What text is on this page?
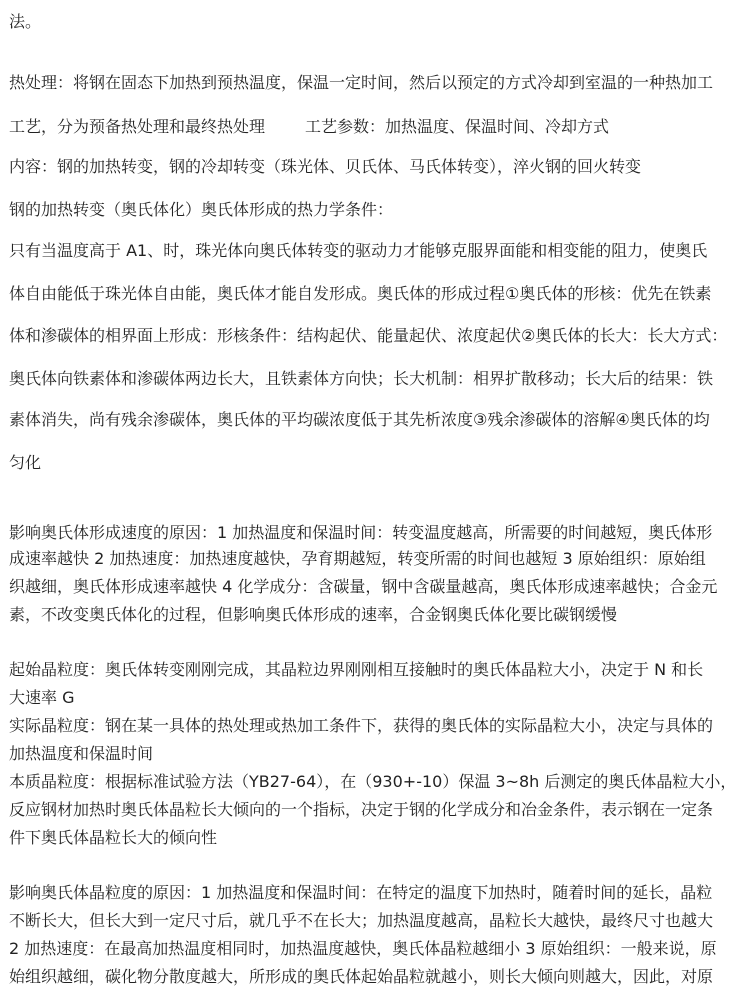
法。

热处理：将钢在固态下加热到预热温度，保温一定时间，然后以预定的方式冷却到室温的一种热加工

工艺，分为预备热处理和最终热处理	工艺参数：加热温度、保温时间、冷却方式

内容：钢的加热转变，钢的冷却转变（珠光体、贝氏体、马氏体转变），淬火钢的回火转变

钢的加热转变（奥氏体化）奥氏体形成的热力学条件：

只有当温度高于 A1、时，珠光体向奥氏体转变的驱动力才能够克服界面能和相变能的阻力，使奥氏

体自由能低于珠光体自由能，奥氏体才能自发形成。奥氏体的形成过程①奥氏体的形核：优先在铁素

体和渗碳体的相界面上形成：形核条件：结构起伏、能量起伏、浓度起伏②奥氏体的长大：长大方式：

奥氏体向铁素体和渗碳体两边长大，且铁素体方向快；长大机制：相界扩散移动；长大后的结果：铁

素体消失，尚有残余渗碳体，奥氏体的平均碳浓度低于其先析浓度③残余渗碳体的溶解④奥氏体的均

匀化

影响奥氏体形成速度的原因：1 加热温度和保温时间：转变温度越高，所需要的时间越短，奥氏体形

成速率越快 2 加热速度：加热速度越快，孕育期越短，转变所需的时间也越短 3 原始组织：原始组

织越细，奥氏体形成速率越快 4 化学成分：含碳量，钢中含碳量越高，奥氏体形成速率越快；合金元

素，不改变奥氏体化的过程，但影响奥氏体形成的速率，合金钢奥氏体化要比碳钢缓慢

起始晶粒度：奥氏体转变刚刚完成，其晶粒边界刚刚相互接触时的奥氏体晶粒大小，决定于 N 和长

大速率 G

实际晶粒度：钢在某一具体的热处理或热加工条件下，获得的奥氏体的实际晶粒大小，决定与具体的

加热温度和保温时间

本质晶粒度：根据标准试验方法（YB27-64），在（930+-10）保温 3~8h 后测定的奥氏体晶粒大小，

反应钢材加热时奥氏体晶粒长大倾向的一个指标，决定于钢的化学成分和冶金条件，表示钢在一定条

件下奥氏体晶粒长大的倾向性

影响奥氏体晶粒度的原因：1 加热温度和保温时间：在特定的温度下加热时，随着时间的延长，晶粒

不断长大，但长大到一定尺寸后，就几乎不在长大；加热温度越高，晶粒长大越快，最终尺寸也越大

2 加热速度：在最高加热温度相同时，加热温度越快，奥氏体晶粒越细小 3 原始组织：一般来说，原

始组织越细，碳化物分散度越大，所形成的奥氏体起始晶粒就越小，则长大倾向则越大，因此，对原
